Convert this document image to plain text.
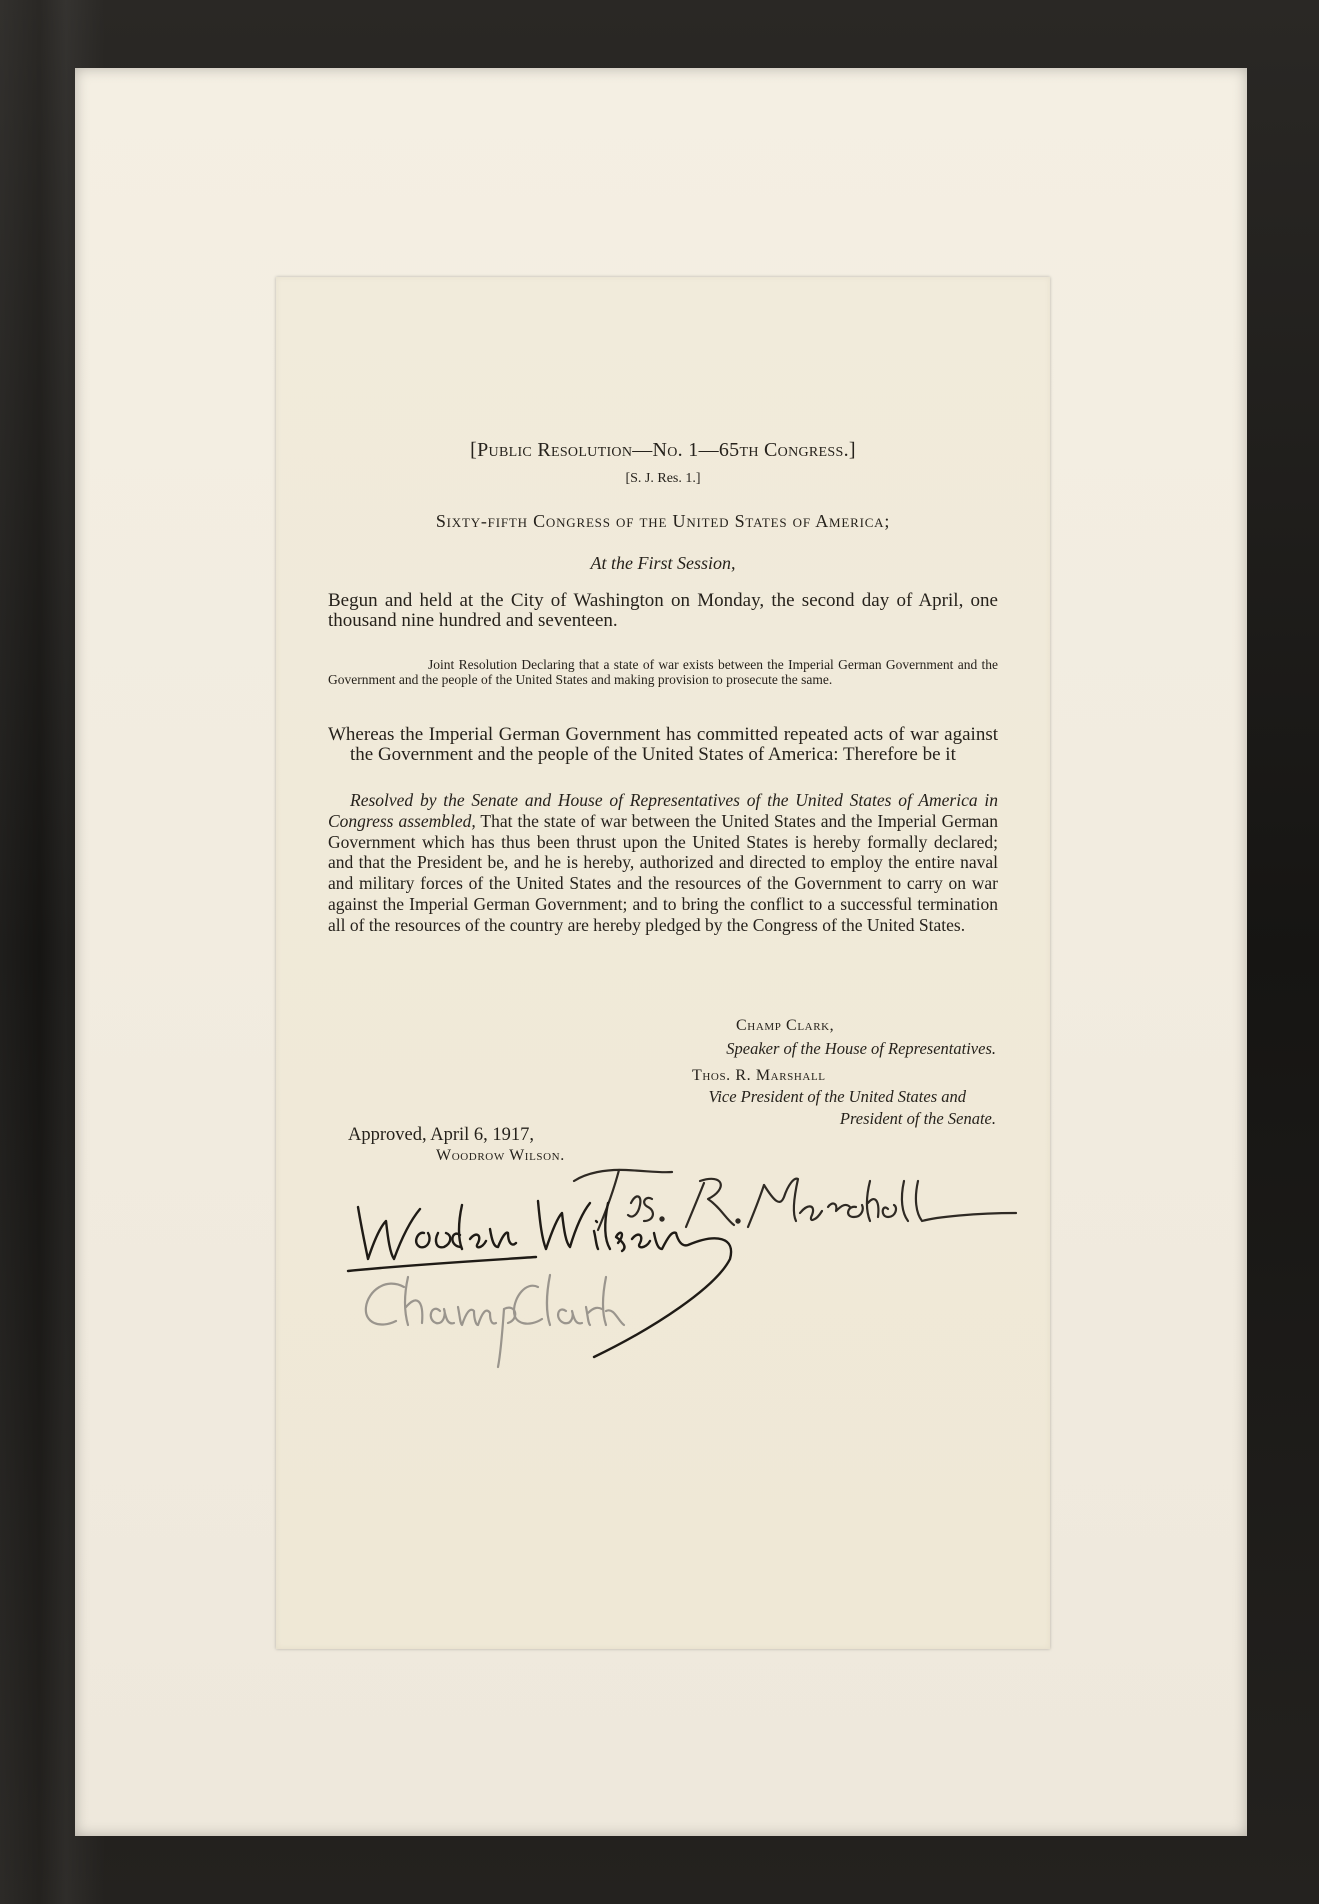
[Public Resolution—No. 1—65th Congress.]
[S. J. Res. 1.]
Sixty-fifth Congress of the United States of America;
At the First Session,
Begun and held at the City of Washington on Monday, the second day of April, one thousand nine hundred and seventeen.
Joint Resolution Declaring that a state of war exists between the Imperial German Government and the Government and the people of the United States and making provision to prosecute the same.
Whereas the Imperial German Government has committed repeated acts of war against the Government and the people of the United States of America: Therefore be it
Resolved by the Senate and House of Representatives of the United States of America in Congress assembled, That the state of war between the United States and the Imperial German Government which has thus been thrust upon the United States is hereby formally declared; and that the President be, and he is hereby, authorized and directed to employ the entire naval and military forces of the United States and the resources of the Government to carry on war against the Imperial German Government; and to bring the conflict to a successful termination all of the resources of the country are hereby pledged by the Congress of the United States.
Champ Clark,
Speaker of the House of Representatives.
Thos. R. Marshall
Vice President of the United States and
President of the Senate.
Approved, April 6, 1917,
Woodrow Wilson.
